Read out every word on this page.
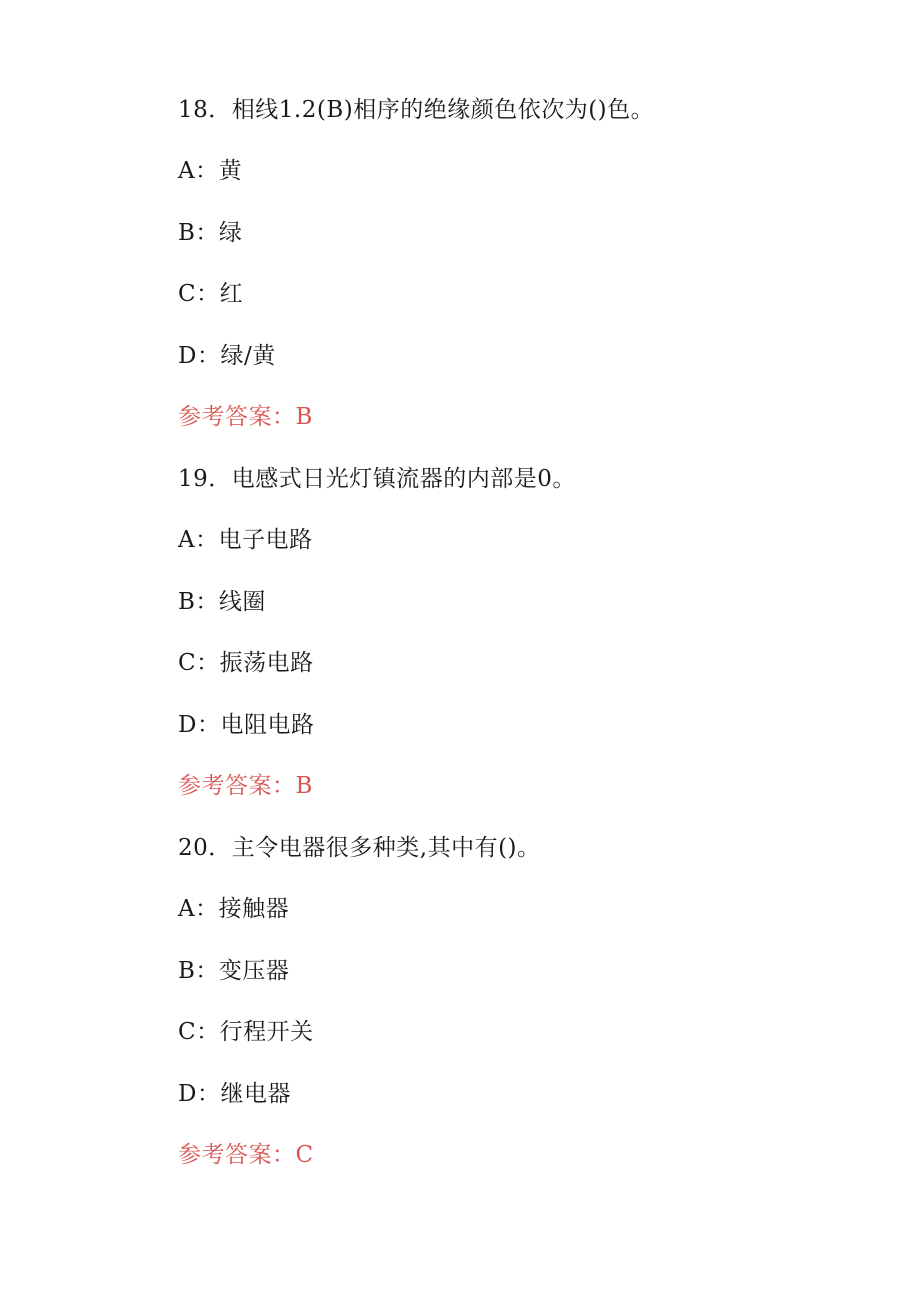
18．相线1.2(B)相序的绝缘颜色依次为()色。
A：黄
B：绿
C：红
D：绿/黄
参考答案：B
19．电感式日光灯镇流器的内部是0。
A：电子电路
B：线圈
C：振荡电路
D：电阻电路
参考答案：B
20．主令电器很多种类,其中有()。
A：接触器
B：变压器
C：行程开关
D：继电器
参考答案：C
